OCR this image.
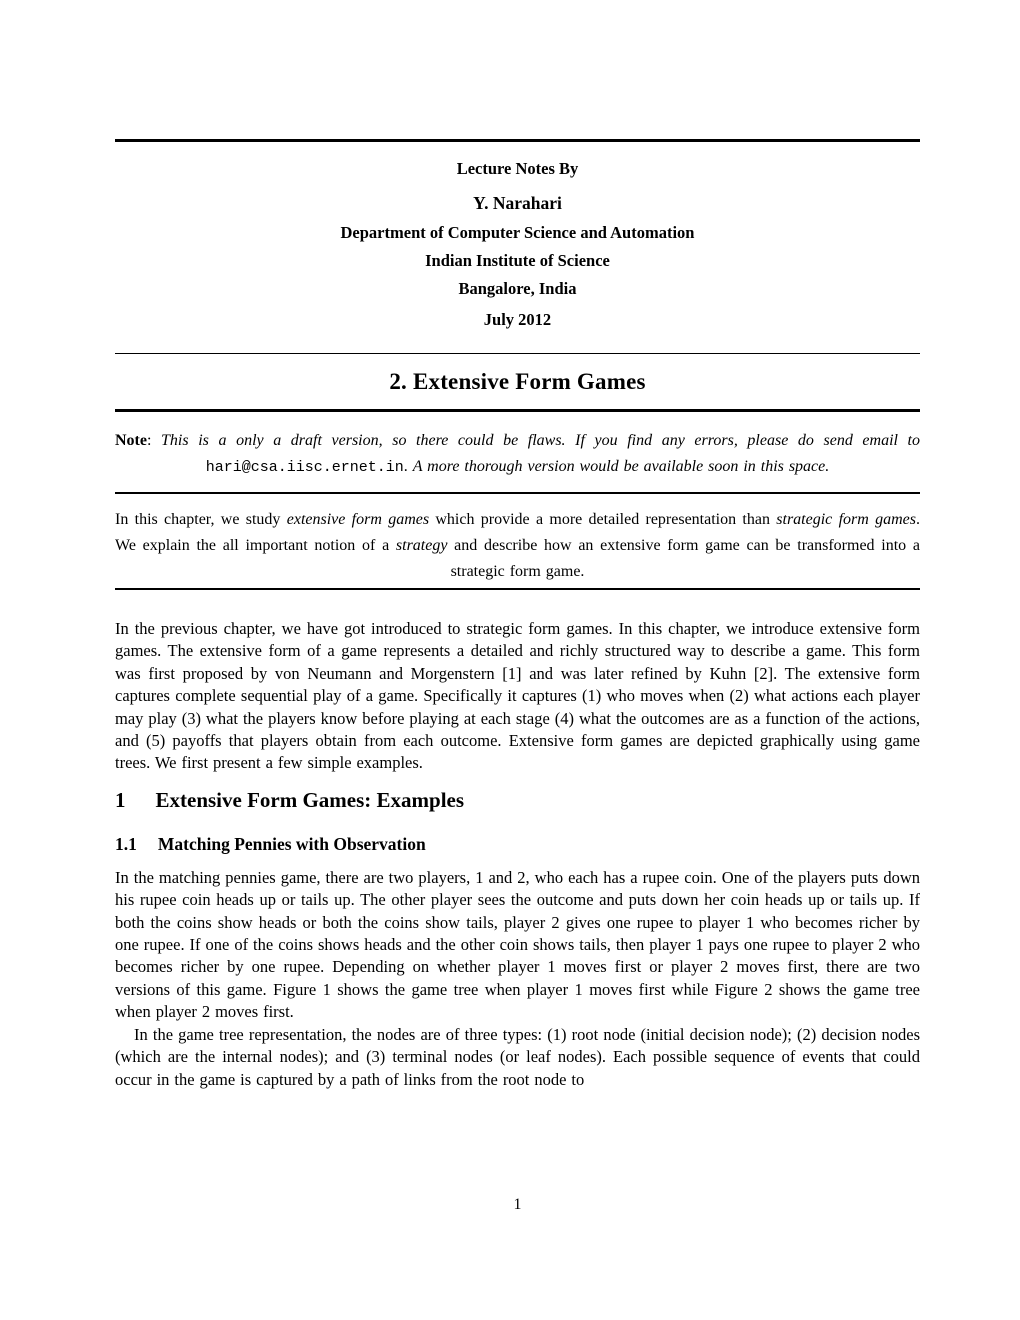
Lecture Notes By

Y. Narahari

Department of Computer Science and Automation

Indian Institute of Science

Bangalore, India

July 2012

2. Extensive Form Games

Note: This is a only a draft version, so there could be flaws. If you find any errors, please do send email to hari@csa.iisc.ernet.in. A more thorough version would be available soon in this space.

In this chapter, we study extensive form games which provide a more detailed representation than strategic form games. We explain the all important notion of a strategy and describe how an extensive form game can be transformed into a strategic form game.

In the previous chapter, we have got introduced to strategic form games. In this chapter, we introduce extensive form games. The extensive form of a game represents a detailed and richly structured way to describe a game. This form was first proposed by von Neumann and Morgenstern [1] and was later refined by Kuhn [2]. The extensive form captures complete sequential play of a game. Specifically it captures (1) who moves when (2) what actions each player may play (3) what the players know before playing at each stage (4) what the outcomes are as a function of the actions, and (5) payoffs that players obtain from each outcome. Extensive form games are depicted graphically using game trees. We first present a few simple examples.

1 Extensive Form Games: Examples
1.1 Matching Pennies with Observation

In the matching pennies game, there are two players, 1 and 2, who each has a rupee coin. One of the players puts down his rupee coin heads up or tails up. The other player sees the outcome and puts down her coin heads up or tails up. If both the coins show heads or both the coins show tails, player 2 gives one rupee to player 1 who becomes richer by one rupee. If one of the coins shows heads and the other coin shows tails, then player 1 pays one rupee to player 2 who becomes richer by one rupee. Depending on whether player 1 moves first or player 2 moves first, there are two versions of this game. Figure 1 shows the game tree when player 1 moves first while Figure 2 shows the game tree when player 2 moves first.

In the game tree representation, the nodes are of three types: (1) root node (initial decision node); (2) decision nodes (which are the internal nodes); and (3) terminal nodes (or leaf nodes). Each possible sequence of events that could occur in the game is captured by a path of links from the root node to

1
